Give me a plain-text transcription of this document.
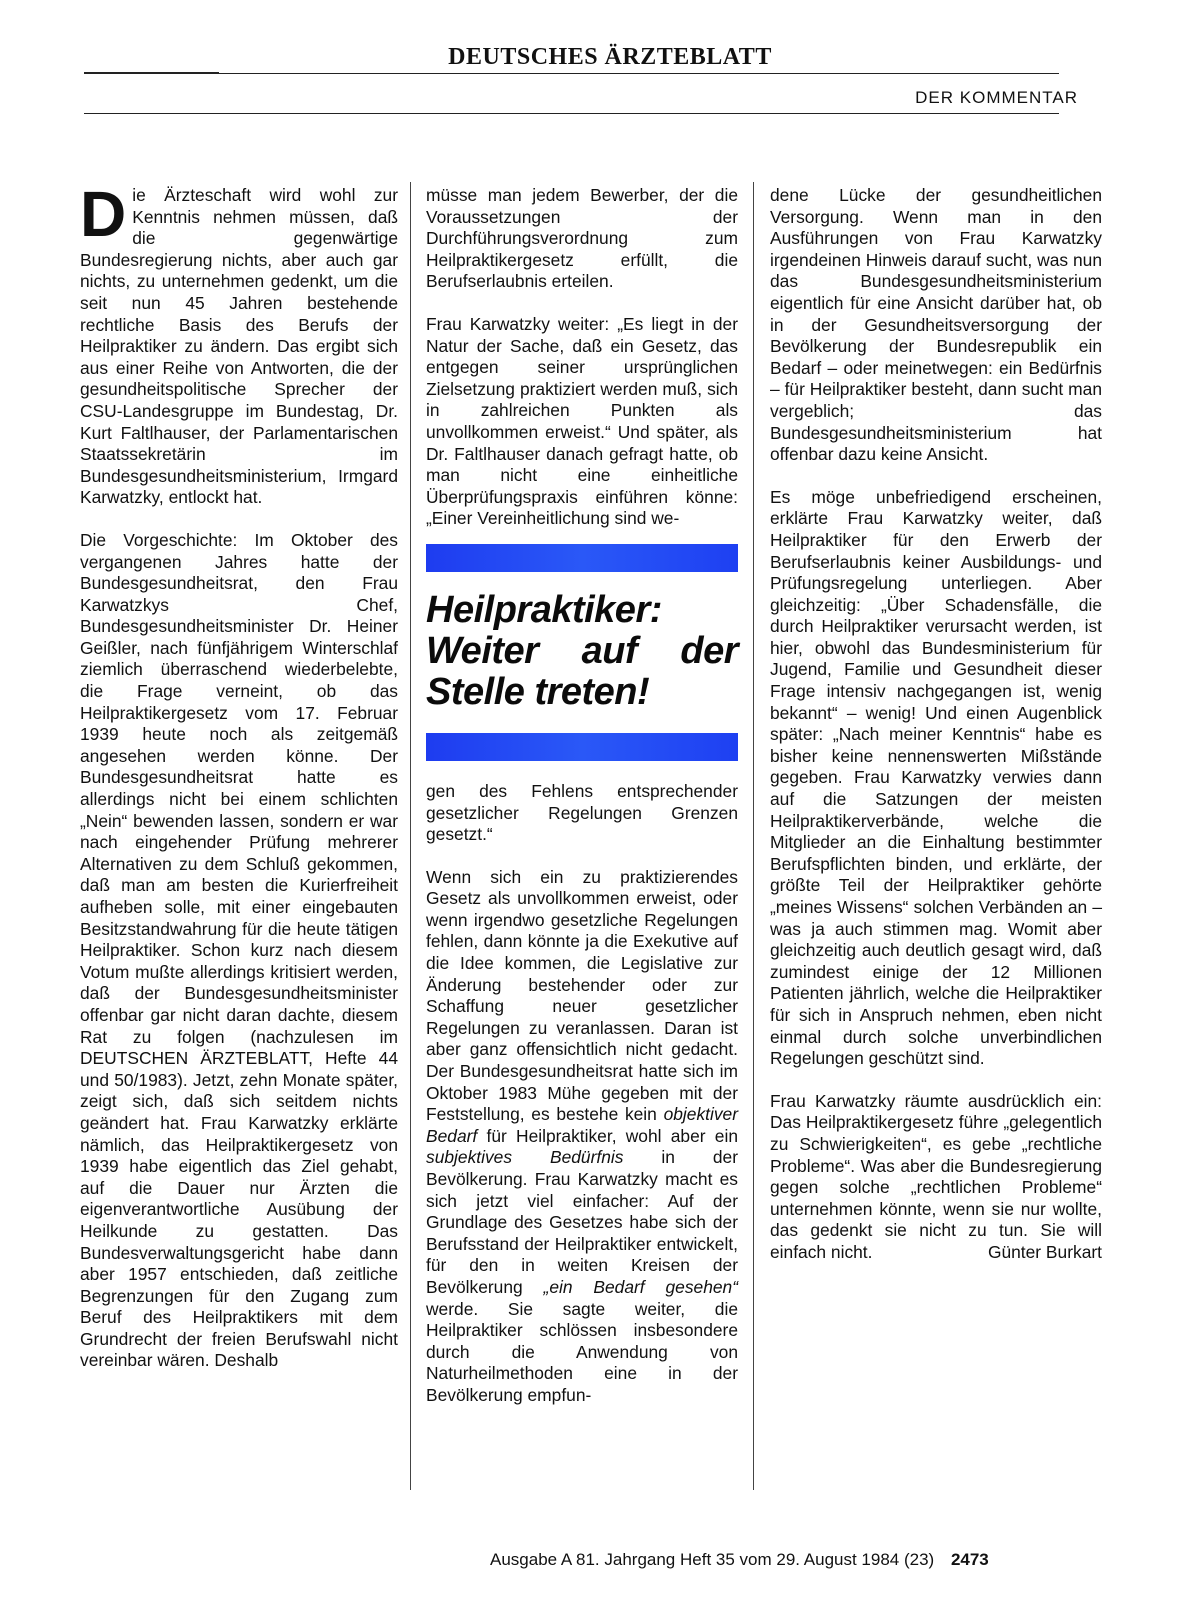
DEUTSCHES ÄRZTEBLATT
DER KOMMENTAR

Die Ärzteschaft wird wohl zur Kenntnis nehmen müssen, daß die gegenwärtige Bundesregierung nichts, aber auch gar nichts, zu unternehmen gedenkt, um die seit nun 45 Jahren bestehende rechtliche Basis des Berufs der Heilpraktiker zu ändern. Das ergibt sich aus einer Reihe von Antworten, die der gesundheitspolitische Sprecher der CSU-Landesgruppe im Bundestag, Dr. Kurt Faltlhauser, der Parlamentarischen Staatssekretärin im Bundesgesundheitsministerium, Irmgard Karwatzky, entlockt hat.

Die Vorgeschichte: Im Oktober des vergangenen Jahres hatte der Bundesgesundheitsrat, den Frau Karwatzkys Chef, Bundesgesundheitsminister Dr. Heiner Geißler, nach fünfjährigem Winterschlaf ziemlich überraschend wiederbelebte, die Frage verneint, ob das Heilpraktikergesetz vom 17. Februar 1939 heute noch als zeitgemäß angesehen werden könne. Der Bundesgesundheitsrat hatte es allerdings nicht bei einem schlichten „Nein“ bewenden lassen, sondern er war nach eingehender Prüfung mehrerer Alternativen zu dem Schluß gekommen, daß man am besten die Kurierfreiheit aufheben solle, mit einer eingebauten Besitzstandwahrung für die heute tätigen Heilpraktiker. Schon kurz nach diesem Votum mußte allerdings kritisiert werden, daß der Bundesgesundheitsminister offenbar gar nicht daran dachte, diesem Rat zu folgen (nachzulesen im DEUTSCHEN ÄRZTEBLATT, Hefte 44 und 50/1983). Jetzt, zehn Monate später, zeigt sich, daß sich seitdem nichts geändert hat. Frau Karwatzky erklärte nämlich, das Heilpraktikergesetz von 1939 habe eigentlich das Ziel gehabt, auf die Dauer nur Ärzten die eigenverantwortliche Ausübung der Heilkunde zu gestatten. Das Bundesverwaltungsgericht habe dann aber 1957 entschieden, daß zeitliche Begrenzungen für den Zugang zum Beruf des Heilpraktikers mit dem Grundrecht der freien Berufswahl nicht vereinbar wären. Deshalb

müsse man jedem Bewerber, der die Voraussetzungen der Durchführungsverordnung zum Heilpraktikergesetz erfüllt, die Berufserlaubnis erteilen.

Frau Karwatzky weiter: „Es liegt in der Natur der Sache, daß ein Gesetz, das entgegen seiner ursprünglichen Zielsetzung praktiziert werden muß, sich in zahlreichen Punkten als unvollkommen erweist.“ Und später, als Dr. Faltlhauser danach gefragt hatte, ob man nicht eine einheitliche Überprüfungspraxis einführen könne: „Einer Vereinheitlichung sind we-

Heilpraktiker: Weiter auf der Stelle treten!

gen des Fehlens entsprechender gesetzlicher Regelungen Grenzen gesetzt.“

Wenn sich ein zu praktizierendes Gesetz als unvollkommen erweist, oder wenn irgendwo gesetzliche Regelungen fehlen, dann könnte ja die Exekutive auf die Idee kommen, die Legislative zur Änderung bestehender oder zur Schaffung neuer gesetzlicher Regelungen zu veranlassen. Daran ist aber ganz offensichtlich nicht gedacht. Der Bundesgesundheitsrat hatte sich im Oktober 1983 Mühe gegeben mit der Feststellung, es bestehe kein objektiver Bedarf für Heilpraktiker, wohl aber ein subjektives Bedürfnis in der Bevölkerung. Frau Karwatzky macht es sich jetzt viel einfacher: Auf der Grundlage des Gesetzes habe sich der Berufsstand der Heilpraktiker entwickelt, für den in weiten Kreisen der Bevölkerung „ein Bedarf gesehen“ werde. Sie sagte weiter, die Heilpraktiker schlössen insbesondere durch die Anwendung von Naturheilmethoden eine in der Bevölkerung empfun-

dene Lücke der gesundheitlichen Versorgung. Wenn man in den Ausführungen von Frau Karwatzky irgendeinen Hinweis darauf sucht, was nun das Bundesgesundheitsministerium eigentlich für eine Ansicht darüber hat, ob in der Gesundheitsversorgung der Bevölkerung der Bundesrepublik ein Bedarf – oder meinetwegen: ein Bedürfnis – für Heilpraktiker besteht, dann sucht man vergeblich; das Bundesgesundheitsministerium hat offenbar dazu keine Ansicht.

Es möge unbefriedigend erscheinen, erklärte Frau Karwatzky weiter, daß Heilpraktiker für den Erwerb der Berufserlaubnis keiner Ausbildungs- und Prüfungsregelung unterliegen. Aber gleichzeitig: „Über Schadensfälle, die durch Heilpraktiker verursacht werden, ist hier, obwohl das Bundesministerium für Jugend, Familie und Gesundheit dieser Frage intensiv nachgegangen ist, wenig bekannt“ – wenig! Und einen Augenblick später: „Nach meiner Kenntnis“ habe es bisher keine nennenswerten Mißstände gegeben. Frau Karwatzky verwies dann auf die Satzungen der meisten Heilpraktikerverbände, welche die Mitglieder an die Einhaltung bestimmter Berufspflichten binden, und erklärte, der größte Teil der Heilpraktiker gehörte „meines Wissens“ solchen Verbänden an – was ja auch stimmen mag. Womit aber gleichzeitig auch deutlich gesagt wird, daß zumindest einige der 12 Millionen Patienten jährlich, welche die Heilpraktiker für sich in Anspruch nehmen, eben nicht einmal durch solche unverbindlichen Regelungen geschützt sind.

Frau Karwatzky räumte ausdrücklich ein: Das Heilpraktikergesetz führe „gelegentlich zu Schwierigkeiten“, es gebe „rechtliche Probleme“. Was aber die Bundesregierung gegen solche „rechtlichen Probleme“ unternehmen könnte, wenn sie nur wollte, das gedenkt sie nicht zu tun. Sie will einfach nicht.	Günter Burkart

Ausgabe A 81. Jahrgang Heft 35 vom 29. August 1984 (23) 2473
